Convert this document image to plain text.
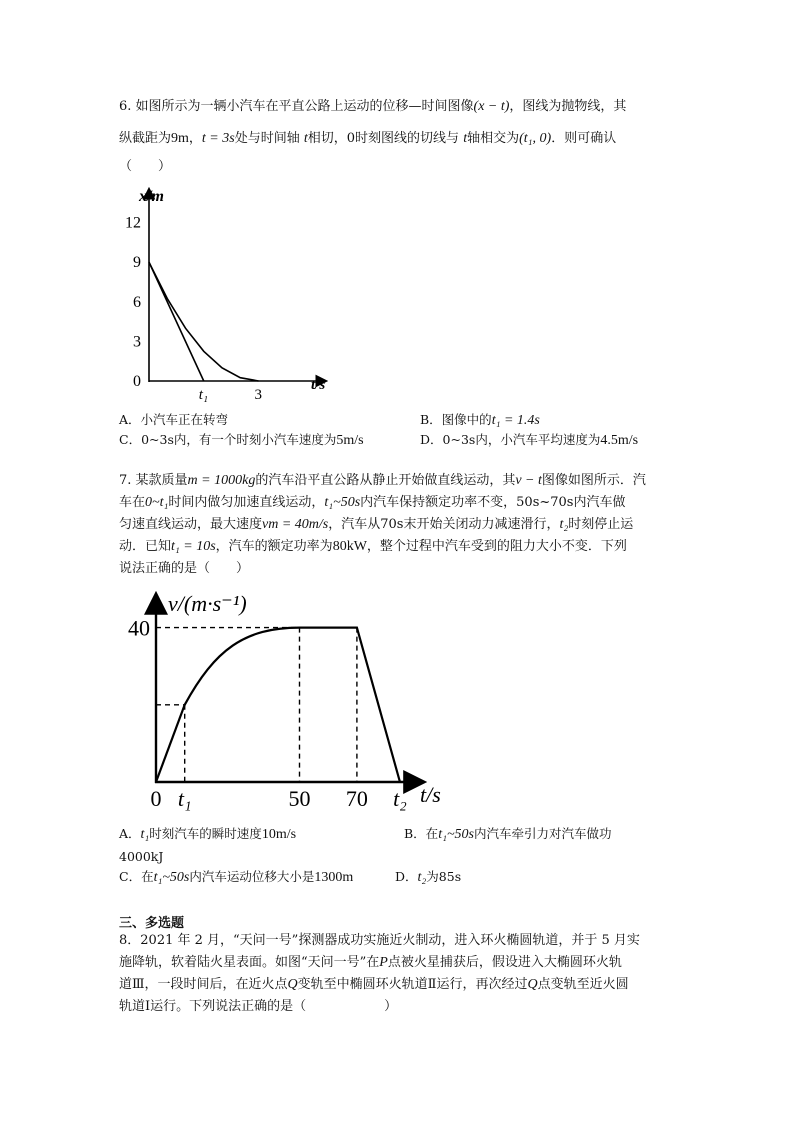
6. 如图所示为一辆小汽车在平直公路上运动的位移—时间图像(x − t)，图线为抛物线，其
纵截距为9m，t = 3s处与时间轴 t相切，0时刻图线的切线与 t轴相交为(t₁, 0)．则可确认
（　　）
x/m
t/s
0
3
6
9
12
t₁	3
A．小汽车正在转弯	B．图像中的t₁ = 1.4s
C．0~3s内，有一个时刻小汽车速度为5m/s	D．0~3s内，小汽车平均速度为4.5m/s
7. 某款质量m = 1000kg的汽车沿平直公路从静止开始做直线运动，其v − t图像如图所示．汽
车在0~t₁时间内做匀加速直线运动，t₁~50s内汽车保持额定功率不变，50s~70s内汽车做
匀速直线运动，最大速度vm = 40m/s，汽车从70s末开始关闭动力减速滑行，t₂时刻停止运
动．已知t₁ = 10s，汽车的额定功率为80kW，整个过程中汽车受到的阻力大小不变．下列
说法正确的是（　　）
v/(m·s⁻¹)
t/s
40
0 t₁	50 70 t₂
A．t₁时刻汽车的瞬时速度10m/s	B．在t₁~50s内汽车牵引力对汽车做功
4000kJ
C．在t₁~50s内汽车运动位移大小是1300m	D．t₂为85s
三、多选题
8．2021 年 2 月，“天问一号”探测器成功实施近火制动，进入环火椭圆轨道，并于 5 月实
施降轨，软着陆火星表面。如图“天问一号”在P点被火星捕获后，假设进入大椭圆环火轨
道Ⅲ，一段时间后，在近火点Q变轨至中椭圆环火轨道Ⅱ运行，再次经过Q点变轨至近火圆
轨道Ⅰ运行。下列说法正确的是（　　　　　　）
